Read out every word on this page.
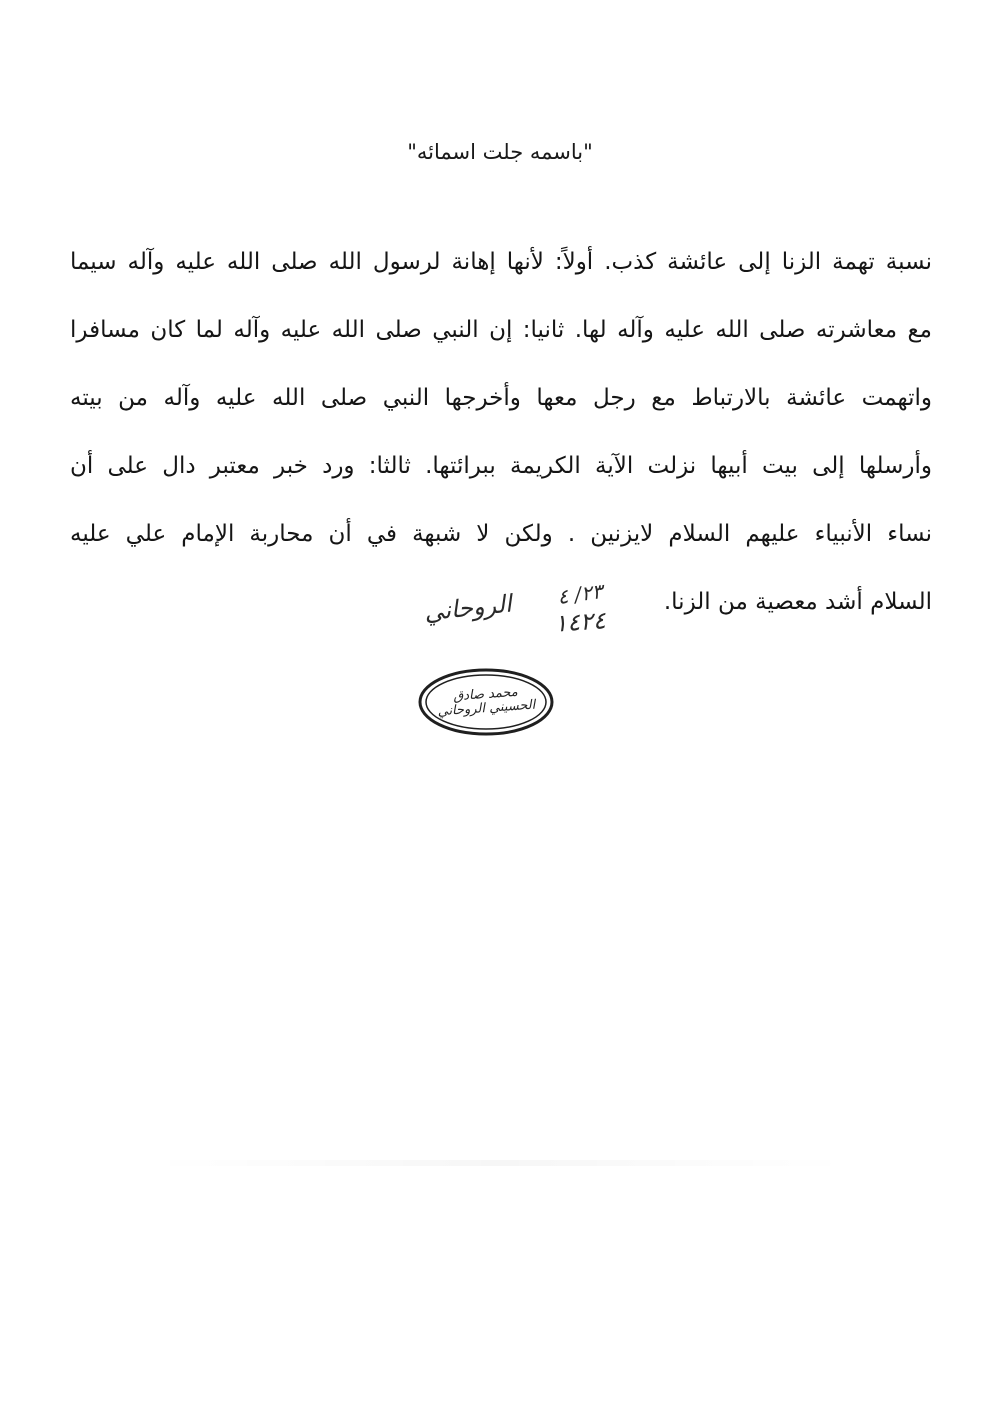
"باسمه جلت اسمائه"
نسبة تهمة الزنا إلى عائشة كذب. أولاً: لأنها إهانة لرسول الله صلى الله عليه وآله سيما
مع معاشرته صلى الله عليه وآله لها. ثانيا: إن النبي صلى الله عليه وآله لما كان مسافرا
واتهمت عائشة بالارتباط مع رجل معها وأخرجها النبي صلى الله عليه وآله من بيته
وأرسلها إلى بيت أبيها نزلت الآية الكريمة ببرائتها. ثالثا: ورد خبر معتبر دال على أن
نساء الأنبياء عليهم السلام لايزنين . ولكن لا شبهة في أن محاربة الإمام علي عليه
السلام أشد معصية من الزنا.
٢٣/ ٤
١٤٢٤
الروحاني
محمد صادق الحسيني الروحاني
